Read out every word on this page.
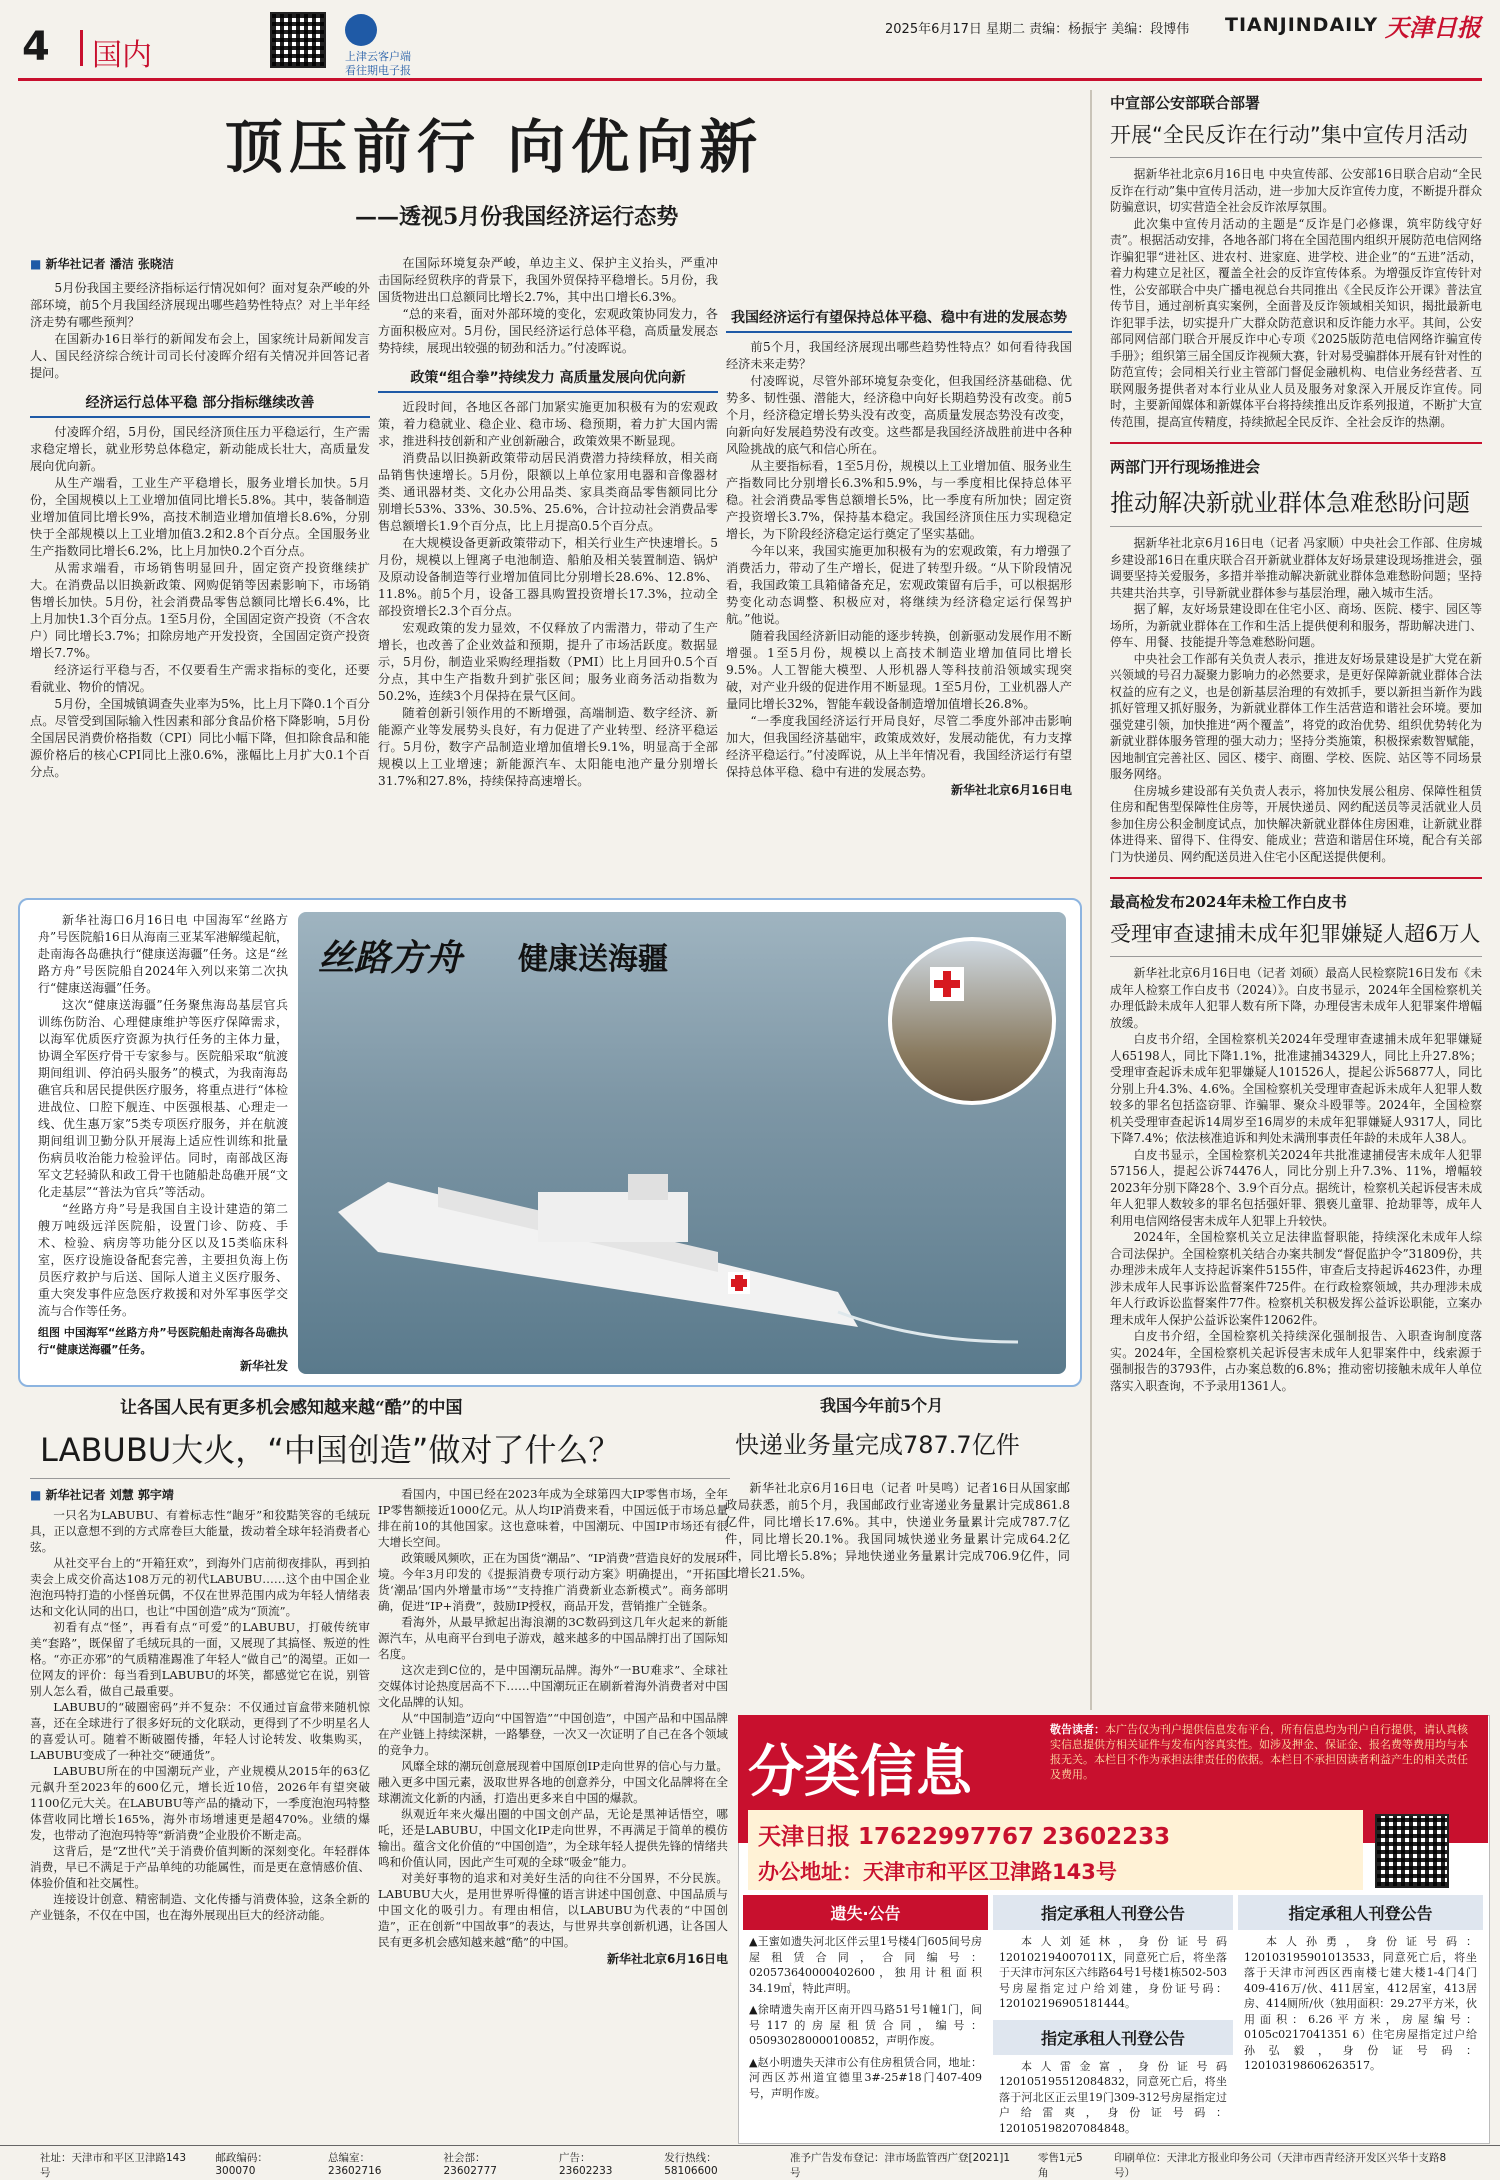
4 国内	上津云客户端
看往期电子报
2025年6月17日 星期二 责编：杨振宇 美编：段博伟 TIANJINDAILY 天津日报
顶压前行 向优向新
——透视5月份我国经济运行态势
■ 新华社记者 潘洁 张晓洁

5月份我国主要经济指标运行情况如何？面对复杂严峻的外部环境，前5个月我国经济展现出哪些趋势性特点？对上半年经济走势有哪些预判？

在国新办16日举行的新闻发布会上，国家统计局新闻发言人、国民经济综合统计司司长付凌晖介绍有关情况并回答记者提问。

经济运行总体平稳 部分指标继续改善

付凌晖介绍，5月份，国民经济顶住压力平稳运行，生产需求稳定增长，就业形势总体稳定，新动能成长壮大，高质量发展向优向新。

从生产端看，工业生产平稳增长，服务业增长加快。5月份，全国规模以上工业增加值同比增长5.8%。其中，装备制造业增加值同比增长9%，高技术制造业增加值增长8.6%，分别快于全部规模以上工业增加值3.2和2.8个百分点。全国服务业生产指数同比增长6.2%，比上月加快0.2个百分点。

从需求端看，市场销售明显回升，固定资产投资继续扩大。在消费品以旧换新政策、网购促销等因素影响下，市场销售增长加快。5月份，社会消费品零售总额同比增长6.4%，比上月加快1.3个百分点。1至5月份，全国固定资产投资（不含农户）同比增长3.7%；扣除房地产开发投资，全国固定资产投资增长7.7%。

经济运行平稳与否，不仅要看生产需求指标的变化，还要看就业、物价的情况。

5月份，全国城镇调查失业率为5%，比上月下降0.1个百分点。尽管受到国际输入性因素和部分食品价格下降影响，5月份全国居民消费价格指数（CPI）同比小幅下降，但扣除食品和能源价格后的核心CPI同比上涨0.6%，涨幅比上月扩大0.1个百分点。

在国际环境复杂严峻，单边主义、保护主义抬头，严重冲击国际经贸秩序的背景下，我国外贸保持平稳增长。5月份，我国货物进出口总额同比增长2.7%，其中出口增长6.3%。

“总的来看，面对外部环境的变化，宏观政策协同发力，各方面积极应对。5月份，国民经济运行总体平稳，高质量发展态势持续，展现出较强的韧劲和活力。”付凌晖说。

政策“组合拳”持续发力 高质量发展向优向新

近段时间，各地区各部门加紧实施更加积极有为的宏观政策，着力稳就业、稳企业、稳市场、稳预期，着力扩大国内需求，推进科技创新和产业创新融合，政策效果不断显现。

消费品以旧换新政策带动居民消费潜力持续释放，相关商品销售快速增长。5月份，限额以上单位家用电器和音像器材类、通讯器材类、文化办公用品类、家具类商品零售额同比分别增长53%、33%、30.5%、25.6%，合计拉动社会消费品零售总额增长1.9个百分点，比上月提高0.5个百分点。

在大规模设备更新政策带动下，相关行业生产快速增长。5月份，规模以上锂离子电池制造、船舶及相关装置制造、锅炉及原动设备制造等行业增加值同比分别增长28.6%、12.8%、11.8%。前5个月，设备工器具购置投资增长17.3%，拉动全部投资增长2.3个百分点。

宏观政策的发力显效，不仅释放了内需潜力，带动了生产增长，也改善了企业效益和预期，提升了市场活跃度。数据显示，5月份，制造业采购经理指数（PMI）比上月回升0.5个百分点，其中生产指数升到扩张区间；服务业商务活动指数为50.2%，连续3个月保持在景气区间。

随着创新引领作用的不断增强，高端制造、数字经济、新能源产业等发展势头良好，有力促进了产业转型、经济平稳运行。5月份，数字产品制造业增加值增长9.1%，明显高于全部规模以上工业增速；新能源汽车、太阳能电池产量分别增长31.7%和27.8%，持续保持高速增长。

我国经济运行有望保持总体平稳、稳中有进的发展态势

前5个月，我国经济展现出哪些趋势性特点？如何看待我国经济未来走势？

付凌晖说，尽管外部环境复杂变化，但我国经济基础稳、优势多、韧性强、潜能大，经济稳中向好长期趋势没有改变。前5个月，经济稳定增长势头没有改变，高质量发展态势没有改变，向新向好发展趋势没有改变。这些都是我国经济战胜前进中各种风险挑战的底气和信心所在。

从主要指标看，1至5月份，规模以上工业增加值、服务业生产指数同比分别增长6.3%和5.9%，与一季度相比保持总体平稳。社会消费品零售总额增长5%，比一季度有所加快；固定资产投资增长3.7%，保持基本稳定。我国经济顶住压力实现稳定增长，为下阶段经济稳定运行奠定了坚实基础。

今年以来，我国实施更加积极有为的宏观政策，有力增强了消费活力，带动了生产增长，促进了转型升级。“从下阶段情况看，我国政策工具箱储备充足，宏观政策留有后手，可以根据形势变化动态调整、积极应对，将继续为经济稳定运行保驾护航。”他说。

随着我国经济新旧动能的逐步转换，创新驱动发展作用不断增强。1至5月份，规模以上高技术制造业增加值同比增长9.5%。人工智能大模型、人形机器人等科技前沿领域实现突破，对产业升级的促进作用不断显现。1至5月份，工业机器人产量同比增长32%，智能车载设备制造增加值增长26.8%。

“一季度我国经济运行开局良好，尽管二季度外部冲击影响加大，但我国经济基础牢，政策成效好，发展动能优，有力支撑经济平稳运行。”付凌晖说，从上半年情况看，我国经济运行有望保持总体平稳、稳中有进的发展态势。

新华社北京6月16日电

新华社海口6月16日电 中国海军“丝路方舟”号医院船16日从海南三亚某军港解缆起航，赴南海各岛礁执行“健康送海疆”任务。这是“丝路方舟”号医院船自2024年入列以来第二次执行“健康送海疆”任务。

这次“健康送海疆”任务聚焦海岛基层官兵训练伤防治、心理健康维护等医疗保障需求，以海军优质医疗资源为执行任务的主体力量，协调全军医疗骨干专家参与。医院船采取“航渡期间组训、停泊码头服务”的模式，为我南海岛礁官兵和居民提供医疗服务，将重点进行“体检进战位、口腔下舰连、中医强根基、心理走一线、优生惠万家”5类专项医疗服务，并在航渡期间组训卫勤分队开展海上适应性训练和批量伤病员收治能力检验评估。同时，南部战区海军文艺轻骑队和政工骨干也随船赴岛礁开展“文化走基层”“普法为官兵”等活动。

“丝路方舟”号是我国自主设计建造的第二艘万吨级远洋医院船，设置门诊、防疫、手术、检验、病房等功能分区以及15类临床科室，医疗设施设备配套完善，主要担负海上伤员医疗救护与后送、国际人道主义医疗服务、重大突发事件应急医疗救援和对外军事医学交流与合作等任务。

组图 中国海军“丝路方舟”号医院船赴南海各岛礁执行“健康送海疆”任务。

新华社发

丝路方舟 健康送海疆
让各国人民有更多机会感知越来越“酷”的中国
LABUBU大火，“中国创造”做对了什么？
■ 新华社记者 刘慧 郭宇靖

一只名为LABUBU、有着标志性“龅牙”和狡黠笑容的毛绒玩具，正以意想不到的方式席卷巨大能量，拨动着全球年轻消费者心弦。

从社交平台上的“开箱狂欢”，到海外门店前彻夜排队，再到拍卖会上成交价高达108万元的初代LABUBU……这个由中国企业泡泡玛特打造的小怪兽玩偶，不仅在世界范围内成为年轻人情绪表达和文化认同的出口，也让“中国创造”成为“顶流”。

初看有点“怪”，再看有点“可爱”的LABUBU，打破传统审美“套路”，既保留了毛绒玩具的一面，又展现了其搞怪、叛逆的性格。“亦正亦邪”的气质精准踢准了年轻人“做自己”的渴望。正如一位网友的评价：每当看到LABUBU的坏笑，都感觉它在说，别管别人怎么看，做自己最重要。

LABUBU的“破圈密码”并不复杂：不仅通过盲盒带来随机惊喜，还在全球进行了很多好玩的文化联动，更得到了不少明星名人的喜爱认可。随着不断破圈传播，年轻人讨论转发、收集购买，LABUBU变成了一种社交“硬通货”。

LABUBU所在的中国潮玩产业，产业规模从2015年的63亿元飙升至2023年的600亿元，增长近10倍，2026年有望突破1100亿元大关。在LABUBU等产品的撬动下，一季度泡泡玛特整体营收同比增长165%，海外市场增速更是超470%。业绩的爆发，也带动了泡泡玛特等“新消费”企业股价不断走高。

这背后，是“Z世代”关于消费价值判断的深刻变化。年轻群体消费，早已不满足于产品单纯的功能属性，而是更在意情感价值、体验价值和社交属性。

连接设计创意、精密制造、文化传播与消费体验，这条全新的产业链条，不仅在中国，也在海外展现出巨大的经济动能。

看国内，中国已经在2023年成为全球第四大IP零售市场，全年IP零售额接近1000亿元。从人均IP消费来看，中国远低于市场总量排在前10的其他国家。这也意味着，中国潮玩、中国IP市场还有很大增长空间。

政策暖风频吹，正在为国货“潮品”、“IP消费”营造良好的发展环境。今年3月印发的《提振消费专项行动方案》明确提出，“开拓国货‘潮品’国内外增量市场”“支持推广消费新业态新模式”。商务部明确，促进“IP+消费”，鼓励IP授权，商品开发，营销推广全链条。

看海外，从最早掀起出海浪潮的3C数码到这几年火起来的新能源汽车，从电商平台到电子游戏，越来越多的中国品牌打出了国际知名度。

这次走到C位的，是中国潮玩品牌。海外“一BU难求”、全球社交媒体讨论热度居高不下……中国潮玩正在刷新着海外消费者对中国文化品牌的认知。

从“中国制造”迈向“中国智造”“中国创造”，中国产品和中国品牌在产业链上持续深耕，一路攀登，一次又一次证明了自己在各个领域的竞争力。

风靡全球的潮玩创意展现着中国原创IP走向世界的信心与力量。融入更多中国元素，汲取世界各地的创意养分，中国文化品牌将在全球潮流文化新的内涵，打造出更多来自中国的爆款。

纵观近年来火爆出圈的中国文创产品，无论是黑神话悟空，哪吒，还是LABUBU，中国文化IP走向世界，不再满足于简单的模仿输出。蕴含文化价值的“中国创造”，为全球年轻人提供先锋的情绪共鸣和价值认同，因此产生可观的全球“吸金”能力。

对美好事物的追求和对美好生活的向往不分国界，不分民族。LABUBU大火，是用世界听得懂的语言讲述中国创意、中国品质与中国文化的吸引力。有理由相信，以LABUBU为代表的“中国创造”，正在创新“中国故事”的表达，与世界共享创新机遇，让各国人民有更多机会感知越来越“酷”的中国。

新华社北京6月16日电
我国今年前5个月
快递业务量完成787.7亿件

新华社北京6月16日电（记者 叶昊鸣）记者16日从国家邮政局获悉，前5个月，我国邮政行业寄递业务量累计完成861.8亿件，同比增长17.6%。其中，快递业务量累计完成787.7亿件，同比增长20.1%。我国同城快递业务量累计完成64.2亿件，同比增长5.8%；异地快递业务量累计完成706.9亿件，同比增长21.5%。

中宣部公安部联合部署
开展“全民反诈在行动”集中宣传月活动

据新华社北京6月16日电 中央宣传部、公安部16日联合启动“全民反诈在行动”集中宣传月活动，进一步加大反诈宣传力度，不断提升群众防骗意识，切实营造全社会反诈浓厚氛围。

此次集中宣传月活动的主题是“反诈是门必修课，筑牢防线守好责”。根据活动安排，各地各部门将在全国范围内组织开展防范电信网络诈骗犯罪“进社区、进农村、进家庭、进学校、进企业”的“五进”活动，着力构建立足社区，覆盖全社会的反诈宣传体系。为增强反诈宣传针对性，公安部联合中央广播电视总台共同推出《全民反诈公开课》普法宣传节目，通过剖析真实案例，全面普及反诈领域相关知识，揭批最新电诈犯罪手法，切实提升广大群众防范意识和反诈能力水平。其间，公安部同网信部门联合开展反诈中心专项《2025版防范电信网络诈骗宣传手册》；组织第三届全国反诈视频大赛，针对易受骗群体开展有针对性的防范宣传；会同相关行业主管部门督促金融机构、电信业务经营者、互联网服务提供者对本行业从业人员及服务对象深入开展反诈宣传。同时，主要新闻媒体和新媒体平台将持续推出反诈系列报道，不断扩大宣传范围，提高宣传精度，持续掀起全民反诈、全社会反诈的热潮。

两部门开行现场推进会
推动解决新就业群体急难愁盼问题

据新华社北京6月16日电（记者 冯家顺）中央社会工作部、住房城乡建设部16日在重庆联合召开新就业群体友好场景建设现场推进会，强调要坚持关爱服务，多措并举推动解决新就业群体急难愁盼问题；坚持共建共治共享，引导新就业群体参与基层治理，融入城市生活。

据了解，友好场景建设即在住宅小区、商场、医院、楼宇、园区等场所，为新就业群体在工作和生活上提供便利和服务，帮助解决进门、停车、用餐、技能提升等急难愁盼问题。

中央社会工作部有关负责人表示，推进友好场景建设是扩大党在新兴领域的号召力凝聚力影响力的必然要求，是更好保障新就业群体合法权益的应有之义，也是创新基层治理的有效抓手，要以新担当新作为践抓好管理又抓好服务，为新就业群体工作生活营造和谐社会环境。要加强党建引领，加快推进“两个覆盖”，将党的政治优势、组织优势转化为新就业群体服务管理的强大动力；坚持分类施策，积极探索数智赋能，因地制宜完善社区、园区、楼宇、商圈、学校、医院、站区等不同场景服务网络。

住房城乡建设部有关负责人表示，将加快发展公租房、保障性租赁住房和配售型保障性住房等，开展快递员、网约配送员等灵活就业人员参加住房公积金制度试点，加快解决新就业群体住房困难，让新就业群体进得来、留得下、住得安、能成业；营造和谐居住环境，配合有关部门为快递员、网约配送员进入住宅小区配送提供便利。

最高检发布2024年未检工作白皮书
受理审查逮捕未成年犯罪嫌疑人超6万人

新华社北京6月16日电（记者 刘硕）最高人民检察院16日发布《未成年人检察工作白皮书（2024）》。白皮书显示，2024年全国检察机关办理低龄未成年人犯罪人数有所下降，办理侵害未成年人犯罪案件增幅放缓。

白皮书介绍，全国检察机关2024年受理审查逮捕未成年犯罪嫌疑人65198人，同比下降1.1%，批准逮捕34329人，同比上升27.8%；受理审查起诉未成年犯罪嫌疑人101526人，提起公诉56877人，同比分别上升4.3%、4.6%。全国检察机关受理审查起诉未成年人犯罪人数较多的罪名包括盗窃罪、诈骗罪、聚众斗殴罪等。2024年，全国检察机关受理审查起诉14周岁至16周岁的未成年犯罪嫌疑人9317人，同比下降7.4%；依法核准追诉和判处未满刑事责任年龄的未成年人38人。

白皮书显示，全国检察机关2024年共批准逮捕侵害未成年人犯罪57156人，提起公诉74476人，同比分别上升7.3%、11%，增幅较2023年分别下降28个、3.9个百分点。据统计，检察机关起诉侵害未成年人犯罪人数较多的罪名包括强奸罪、猥亵儿童罪、抢劫罪等，成年人利用电信网络侵害未成年人犯罪上升较快。

2024年，全国检察机关立足法律监督职能，持续深化未成年人综合司法保护。全国检察机关结合办案共制发“督促监护令”31809份，共办理涉未成年人支持起诉案件5155件，审查后支持起诉4623件，办理涉未成年人民事诉讼监督案件725件。在行政检察领域，共办理涉未成年人行政诉讼监督案件77件。检察机关积极发挥公益诉讼职能，立案办理未成年人保护公益诉讼案件12062件。

白皮书介绍，全国检察机关持续深化强制报告、入职查询制度落实。2024年，全国检察机关起诉侵害未成年人犯罪案件中，线索源于强制报告的3793件，占办案总数的6.8%；推动密切接触未成年人单位落实入职查询，不予录用1361人。

分类信息
敬告读者：本广告仅为刊户提供信息发布平台，所有信息均为刊户自行提供，请认真核实信息提供方相关证件与发布内容真实性。如涉及押金、保证金、报名费等费用均与本报无关。本栏目不作为承担法律责任的依据。本栏目不承担因读者利益产生的相关责任及费用。
天津日报 17622997767 23602233
办公地址：天津市和平区卫津路143号
遗失·公告

▲王蜜如遗失河北区伴云里1号楼4门605间号房屋租赁合同，合同编号：020573640000402600，独用计租面积34.19㎡，特此声明。

▲徐晴遗失南开区南开四马路51号1幢1门，间号117的房屋租赁合同，编号：050930280000100852，声明作废。

▲赵小明遗失天津市公有住房租赁合同，地址：河西区苏州道宜德里3#-25#18门407-409号，声明作废。

指定承租人刊登公告

本人刘延林，身份证号码120102194007011X，同意死亡后，将坐落于天津市河东区六纬路64号1号楼1栋502-503号房屋指定过户给刘建，身份证号码：120102196905181444。

指定承租人刊登公告

本人雷金富，身份证号码120105195512084832，同意死亡后，将坐落于河北区正云里19门309-312号房屋指定过户给雷爽，身份证号码：120105198207084848。

指定承租人刊登公告

本人孙勇，身份证号码：120103195901013533，同意死亡后，将坐落于天津市河西区西南楼七建大楼1-4门4门409-416万/伙、411居室，412居室，413居房、414厕所/伙（独用面积：29.27平方米，伙用面积：6.26平方米，房屋编号：0105c0217041351 6）住宅房屋指定过户给孙弘毅，身份证号码：120103198606263517。

社址：天津市和平区卫津路143号
邮政编码：300070
总编室：23602716
社会部：23602777
广告：23602233
发行热线：58106600
准予广告发布登记：津市场监管西广登[2021]1号
零售1元5角
印刷单位：天津北方报业印务公司（天津市西青经济开发区兴华十支路8号）
